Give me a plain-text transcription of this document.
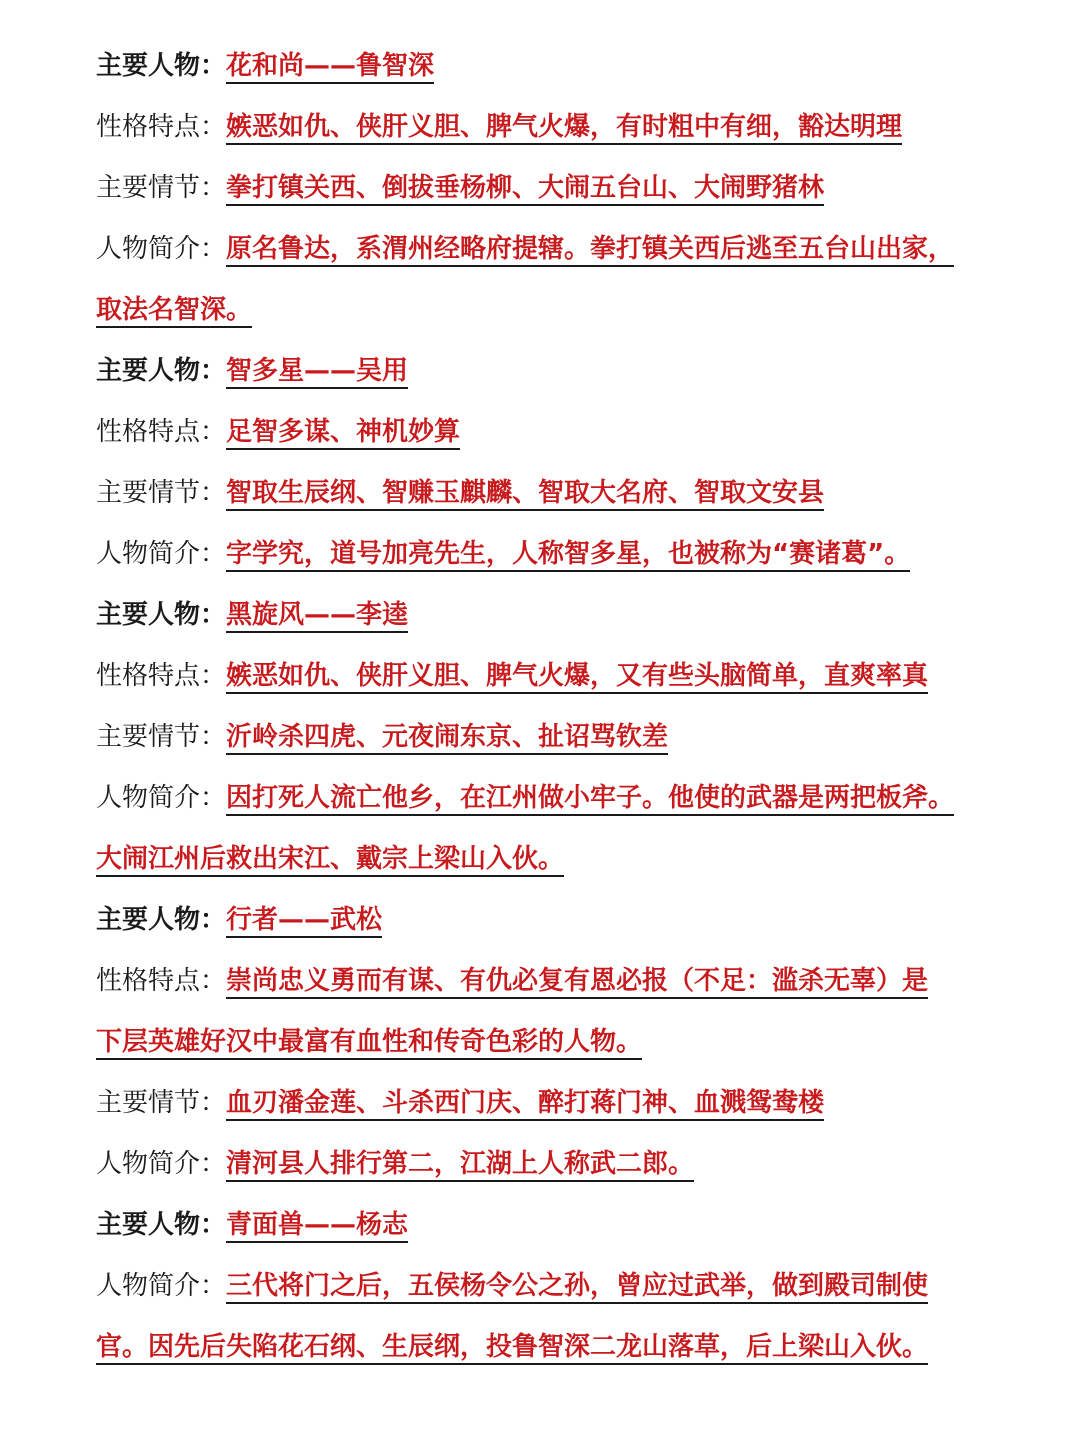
主要人物：花和尚——鲁智深
性格特点：嫉恶如仇、侠肝义胆、脾气火爆，有时粗中有细，豁达明理
主要情节：拳打镇关西、倒拔垂杨柳、大闹五台山、大闹野猪林
人物简介：原名鲁达，系渭州经略府提辖。拳打镇关西后逃至五台山出家，
取法名智深。
主要人物：智多星——吴用
性格特点：足智多谋、神机妙算
主要情节：智取生辰纲、智赚玉麒麟、智取大名府、智取文安县
人物简介：字学究，道号加亮先生，人称智多星，也被称为“赛诸葛”。
主要人物：黑旋风——李逵
性格特点：嫉恶如仇、侠肝义胆、脾气火爆，又有些头脑简单，直爽率真
主要情节：沂岭杀四虎、元夜闹东京、扯诏骂钦差
人物简介：因打死人流亡他乡，在江州做小牢子。他使的武器是两把板斧。
大闹江州后救出宋江、戴宗上梁山入伙。
主要人物：行者——武松
性格特点：崇尚忠义勇而有谋、有仇必复有恩必报（不足：滥杀无辜）是
下层英雄好汉中最富有血性和传奇色彩的人物。
主要情节：血刃潘金莲、斗杀西门庆、醉打蒋门神、血溅鸳鸯楼
人物简介：清河县人排行第二，江湖上人称武二郎。
主要人物：青面兽——杨志
人物简介：三代将门之后，五侯杨令公之孙，曾应过武举，做到殿司制使
官。因先后失陷花石纲、生辰纲，投鲁智深二龙山落草，后上梁山入伙。
